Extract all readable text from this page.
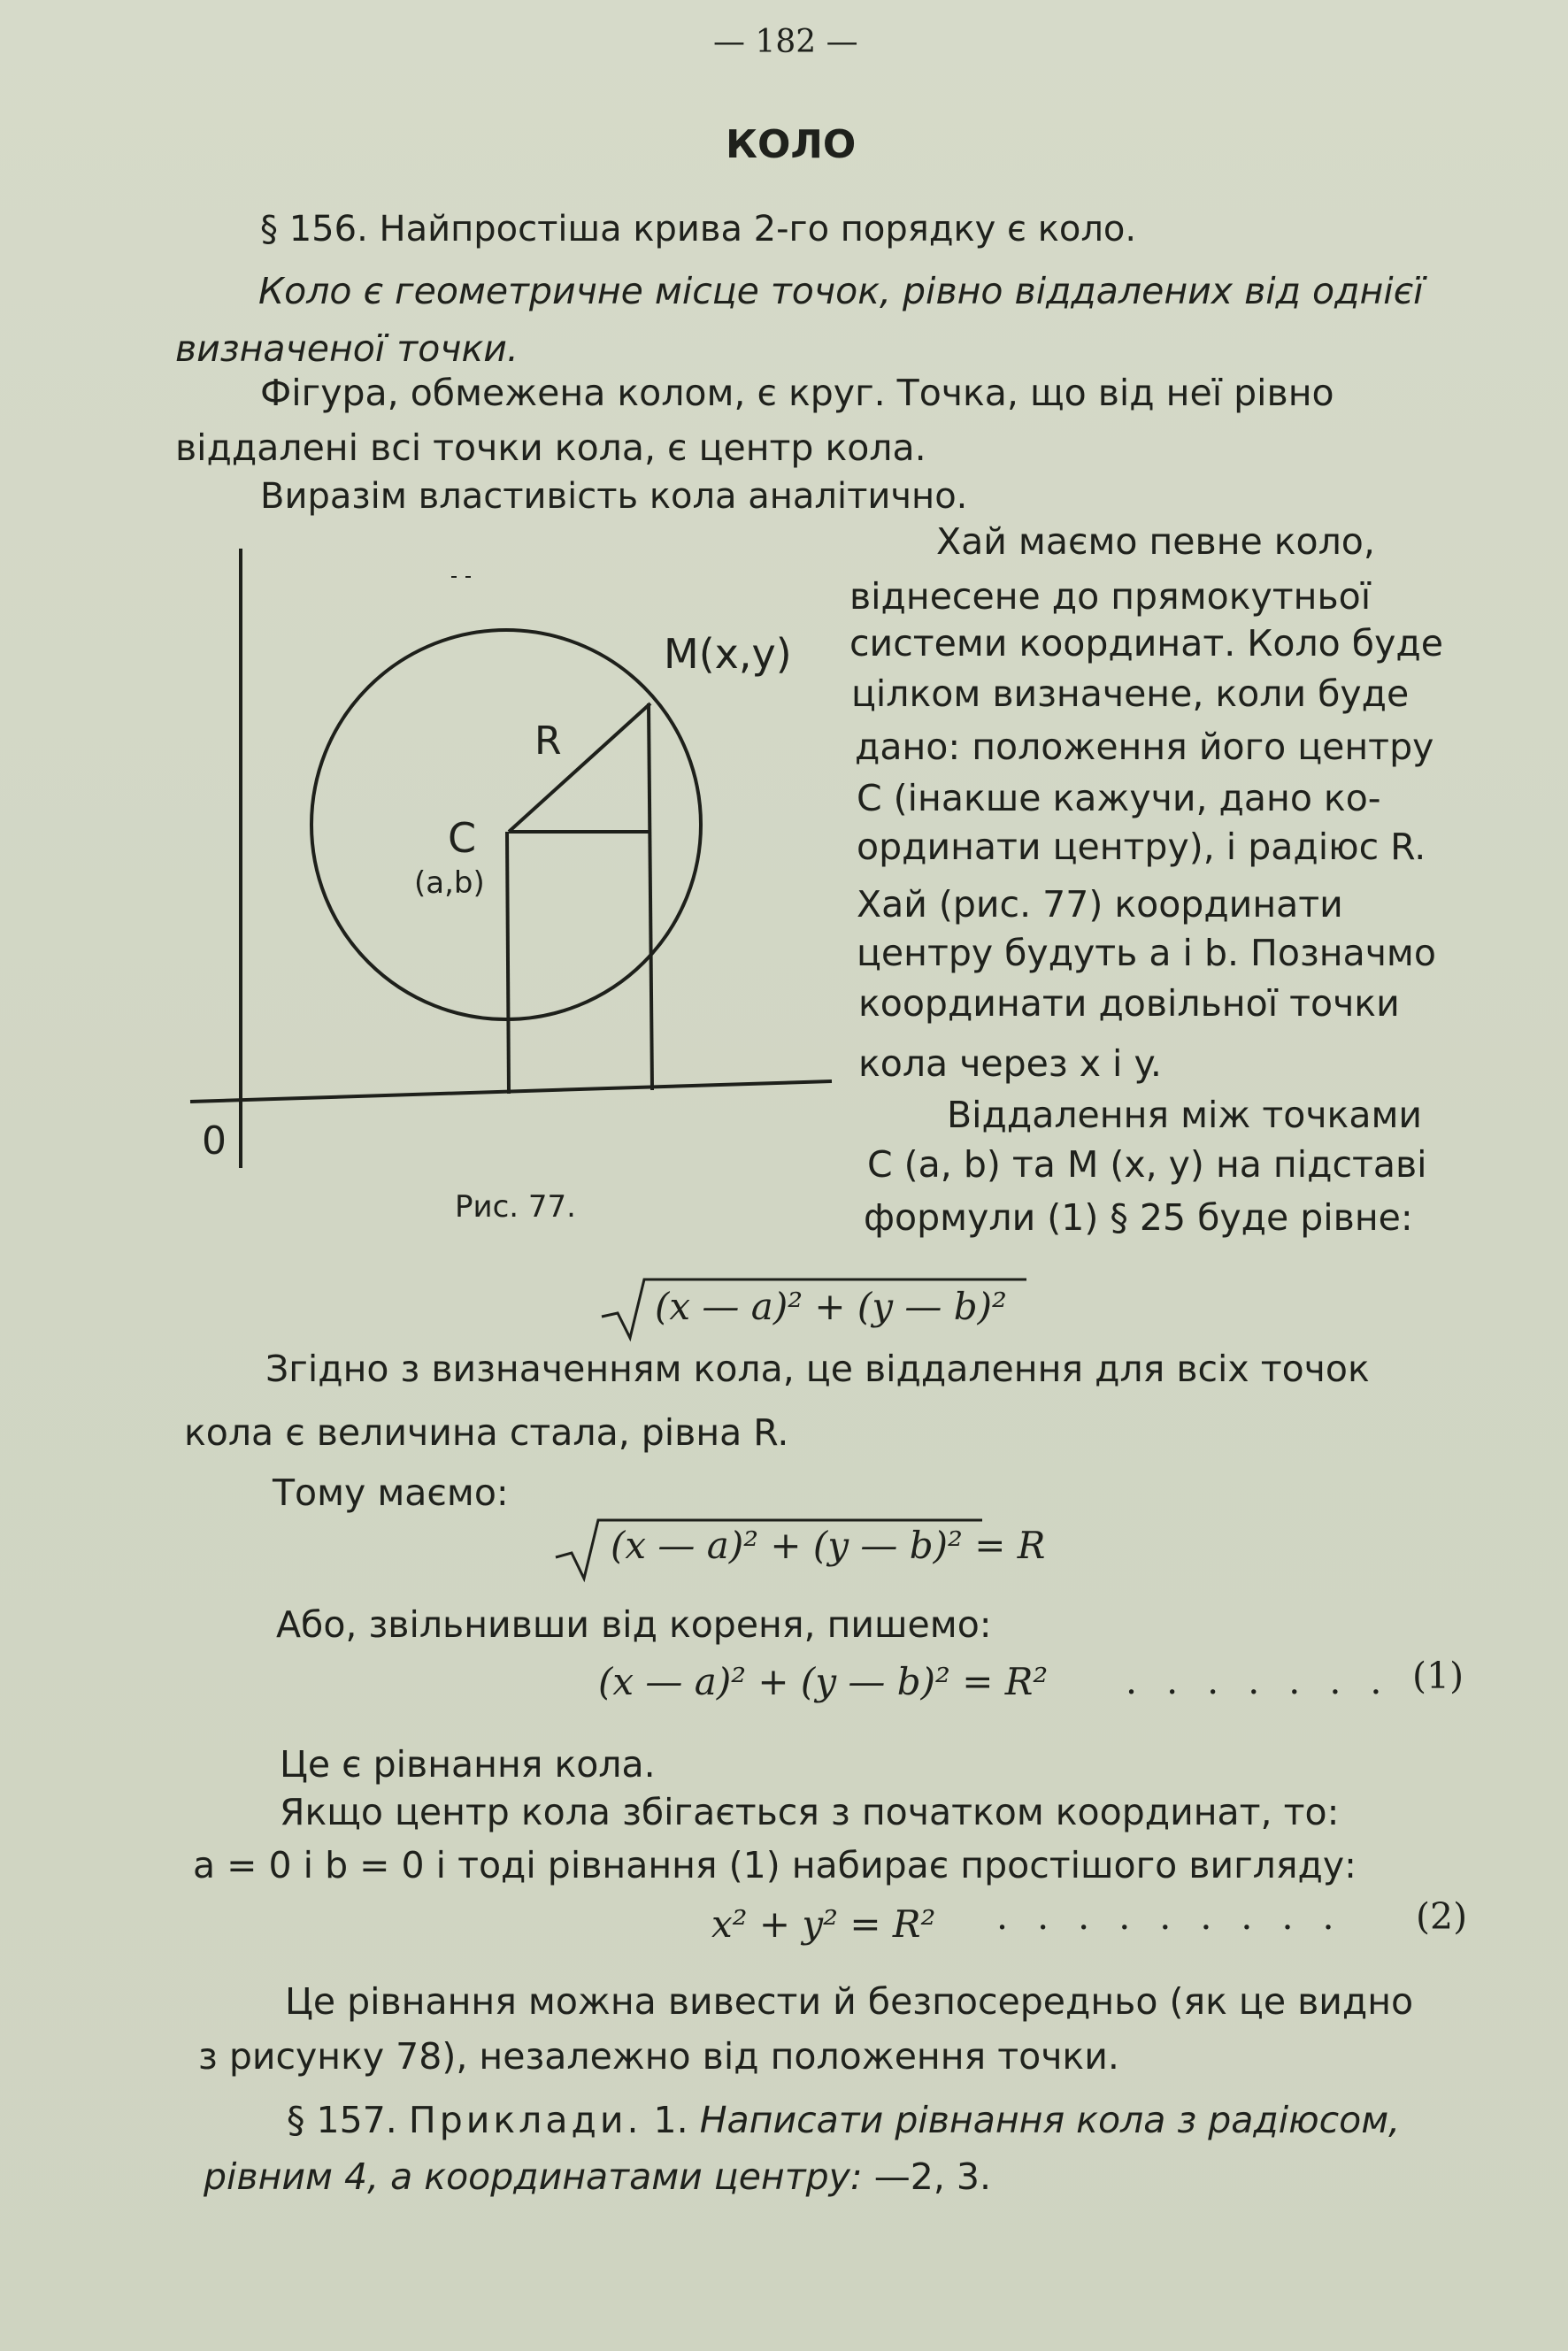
— 182 —
КОЛО
§ 156. Найпростіша крива 2-го порядку є коло.
Коло є геометричне місце точок, рівно віддалених від однієї
визначеної точки.
Фігура, обмежена колом, є круг. Точка, що від неї рівно
віддалені всі точки кола, є центр кола.
Виразім властивість кола аналітично.
Хай маємо певне коло,
віднесене до прямокутньої
системи координат. Коло буде
цілком визначене, коли буде
дано: положення його центру
C (інакше кажучи, дано ко-
ординати центру), і радіюс R.
Хай (рис. 77) координати
центру будуть a і b. Позначмо
координати довільної точки
кола через x і y.
Віддалення між точками
C (a, b) та M (x, y) на підставі
формули (1) § 25 буде рівне:
M(x,y)
R
C
(a,b)
0
Рис. 77.
(x — a)² + (y — b)²
Згідно з визначенням кола, це віддалення для всіх точок
кола є величина стала, рівна R.
Тому маємо:
(x — a)² + (y — b)² = R
Або, звільнивши від кореня, пишемо:
(x — a)² + (y — b)² = R² . . . . . . . (1)
Це є рівнання кола.
Якщо центр кола збігається з початком координат, то:
a = 0 і b = 0 і тоді рівнання (1) набирає простішого вигляду:
x² + y² = R² . . . . . . . . . (2)
Це рівнання можна вивести й безпосередньо (як це видно
з рисунку 78), незалежно від положення точки.
§ 157. Приклади. 1. Написати рівнання кола з радіюсом,
рівним 4, а координатами центру: —2, 3.
